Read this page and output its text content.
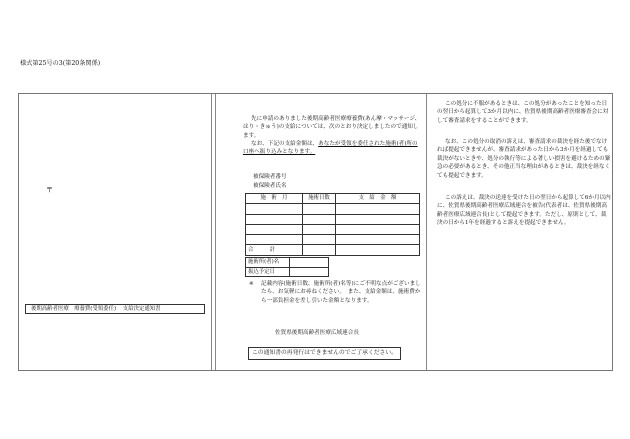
様式第25号の3(第20条関係)
〒
後期高齢者医療　療養費(受領委任) 支給決定通知書
先に申請のありました後期高齢者医療療養費(あん摩・マッサージ、はり・きゅう)の支給については、次のとおり決定しましたので通知します。
なお、下記の支給金額は、あなたが受領を委任された施術(者)所の口座へ振り込みとなります。
被保険者番号
被保険者氏名
施　術　月	施術日数	支　給　金　額

合　　　計		
施術所(者)名	
振込予定日	
※ 記載内容(施術日数、施術所(者)名等)にご不明な点がございましたら、お気軽にお尋ねください。　また、支給金額は、施術費から一部負担金を差し引いた金額となります。
佐賀県後期高齢者医療広域連合長
この通知書の再発行はできませんのでご了承ください。
この処分に不服があるときは、この処分があったことを知った日の翌日から起算して3か月以内に、佐賀県後期高齢者医療審査会に対して審査請求をすることができます。
なお、この処分の取消の訴えは、審査請求の裁決を経た後でなければ提起できませんが、審査請求があった日から3か月を経過しても裁決がないときや、処分の執行等による著しい損害を避けるための緊急の必要があるとき、その他正当な理由があるときは、裁決を経なくても提起できます。
この訴えは、裁決の送達を受けた日の翌日から起算して6か月以内に、佐賀県後期高齢者医療広域連合を被告(代表者は、佐賀県後期高齢者医療広域連合長)として提起できます。ただし、原則として、裁決の日から1年を経過すると訴えを提起できません。
